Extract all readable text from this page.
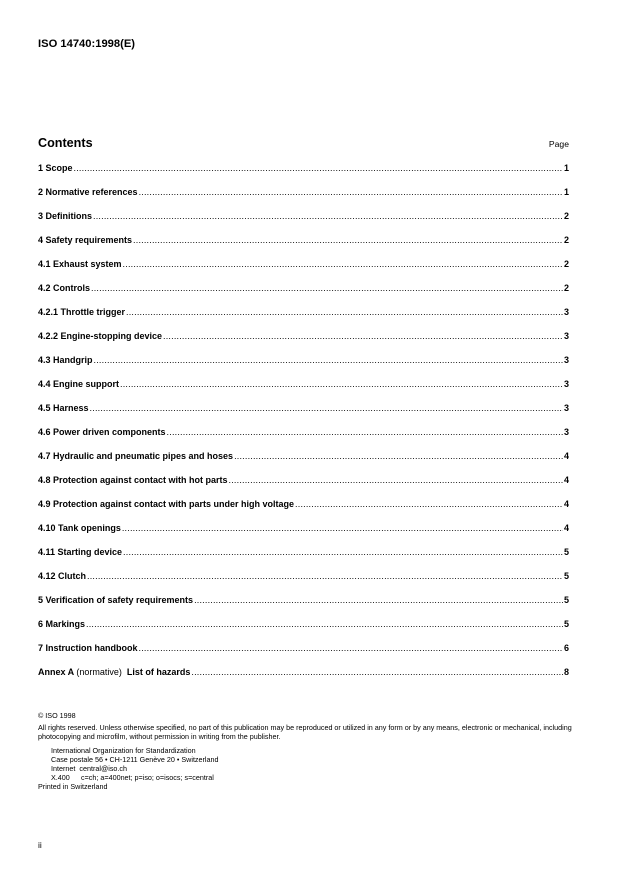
ISO 14740:1998(E)
Contents	Page
1 Scope .....	1
2 Normative references .....	1
3 Definitions .....	2
4 Safety requirements .....	2
4.1 Exhaust system .....	2
4.2 Controls .....	2
4.2.1 Throttle trigger .....	3
4.2.2 Engine-stopping device .....	3
4.3 Handgrip .....	3
4.4 Engine support .....	3
4.5 Harness .....	3
4.6 Power driven components .....	3
4.7 Hydraulic and pneumatic pipes and hoses .....	4
4.8 Protection against contact with hot parts .....	4
4.9 Protection against contact with parts under high voltage .....	4
4.10 Tank openings .....	4
4.11 Starting device .....	5
4.12 Clutch .....	5
5 Verification of safety requirements .....	5
6 Markings .....	5
7 Instruction handbook .....	6
Annex A (normative) List of hazards .....	8

© ISO 1998

All rights reserved. Unless otherwise specified, no part of this publication may be reproduced or utilized in any form or by any means, electronic or mechanical, including photocopying and microfilm, without permission in writing from the publisher.

International Organization for Standardization

Case postale 56 • CH-1211 Genève 20 • Switzerland

Internet central@iso.ch

X.400 c=ch; a=400net; p=iso; o=isocs; s=central

Printed in Switzerland

ii
